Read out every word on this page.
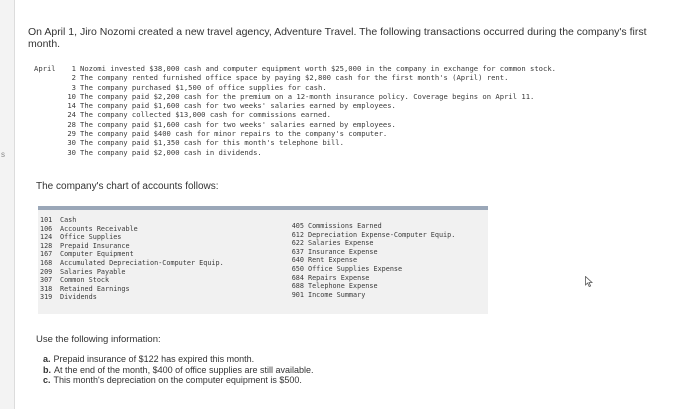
s

On April 1, Jiro Nozomi created a new travel agency, Adventure Travel. The following transactions occurred during the company's first month.

April	1 Nozomi invested $38,000 cash and computer equipment worth $25,000 in the company in exchange for common stock.
2 The company rented furnished office space by paying $2,800 cash for the first month's (April) rent.
3 The company purchased $1,500 of office supplies for cash.
10 The company paid $2,200 cash for the premium on a 12-month insurance policy. Coverage begins on April 11.
14 The company paid $1,600 cash for two weeks' salaries earned by employees.
24 The company collected $13,000 cash for commissions earned.
28 The company paid $1,600 cash for two weeks' salaries earned by employees.
29 The company paid $400 cash for minor repairs to the company's computer.
30 The company paid $1,350 cash for this month's telephone bill.
30 The company paid $2,000 cash in dividends.
The company's chart of accounts follows:
101 Cash
106 Accounts Receivable
124 Office Supplies
128 Prepaid Insurance
167 Computer Equipment
168 Accumulated Depreciation-Computer Equip.
209 Salaries Payable
307 Common Stock
318 Retained Earnings
319 Dividends
405 Commissions Earned
612 Depreciation Expense-Computer Equip.
622 Salaries Expense
637 Insurance Expense
640 Rent Expense
650 Office Supplies Expense
684 Repairs Expense
688 Telephone Expense
901 Income Summary
Use the following information:
a. Prepaid insurance of $122 has expired this month.
b. At the end of the month, $400 of office supplies are still available.
c. This month's depreciation on the computer equipment is $500.
